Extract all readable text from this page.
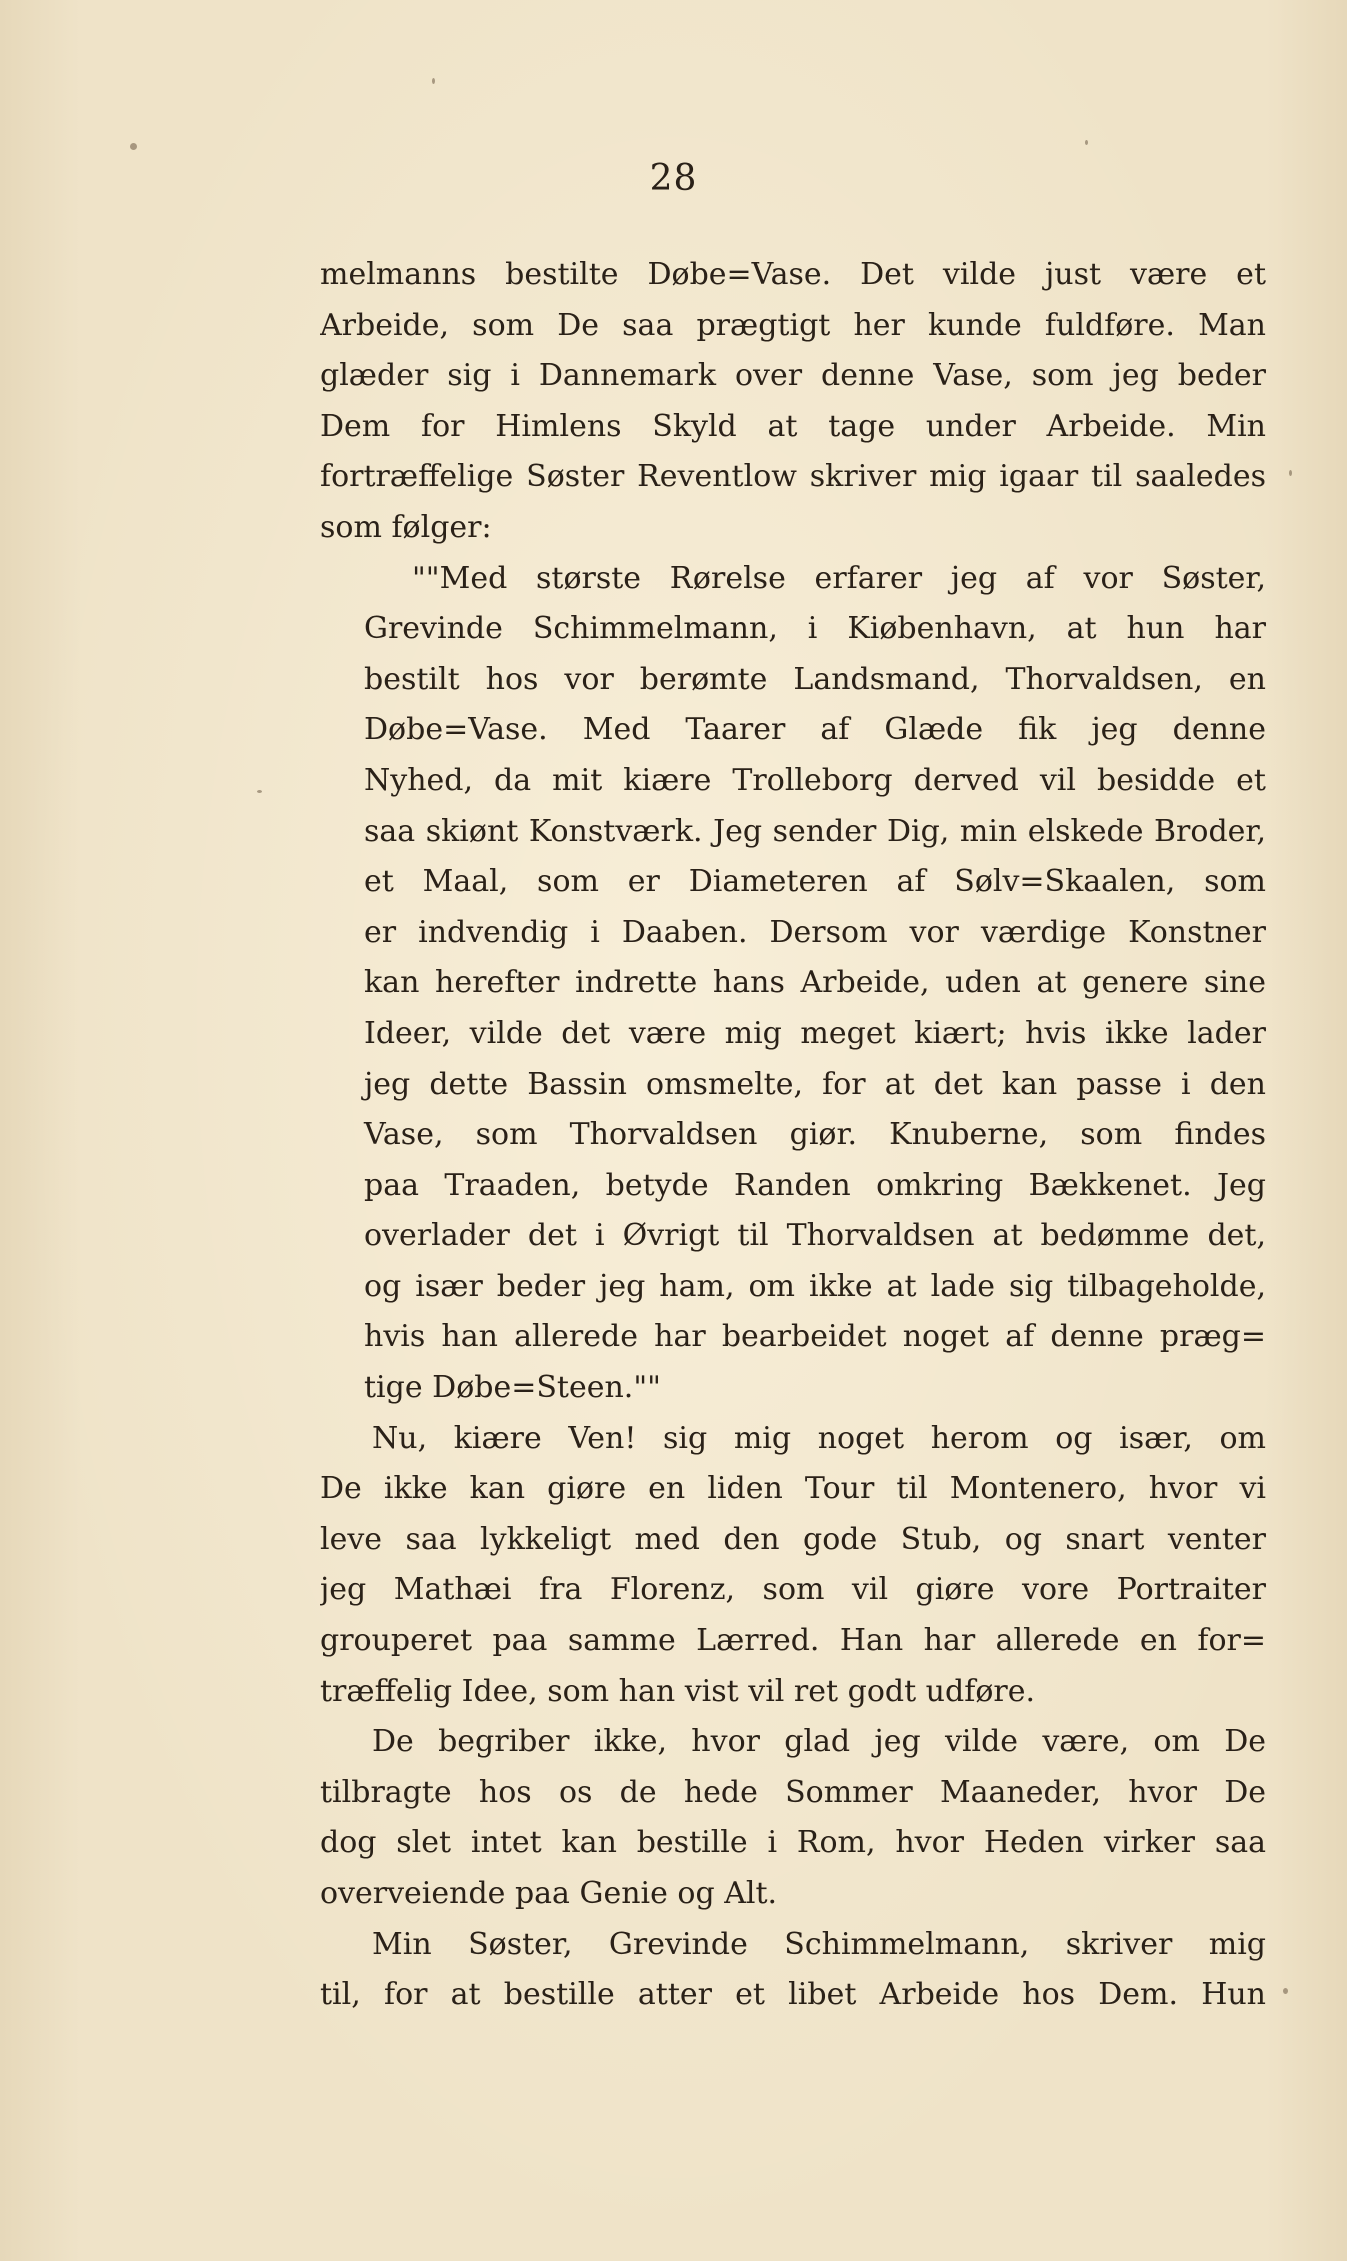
28
melmanns bestilte Døbe=Vase. Det vilde just være et
Arbeide, som De saa prægtigt her kunde fuldføre. Man
glæder sig i Dannemark over denne Vase, som jeg beder
Dem for Himlens Skyld at tage under Arbeide. Min
fortræffelige Søster Reventlow skriver mig igaar til saaledes
som følger:
""Med største Rørelse erfarer jeg af vor Søster,
Grevinde Schimmelmann, i Kiøbenhavn, at hun har
bestilt hos vor berømte Landsmand, Thorvaldsen, en
Døbe=Vase. Med Taarer af Glæde fik jeg denne
Nyhed, da mit kiære Trolleborg derved vil besidde et
saa skiønt Konstværk. Jeg sender Dig, min elskede Broder,
et Maal, som er Diameteren af Sølv=Skaalen, som
er indvendig i Daaben. Dersom vor værdige Konstner
kan herefter indrette hans Arbeide, uden at genere sine
Ideer, vilde det være mig meget kiært; hvis ikke lader
jeg dette Bassin omsmelte, for at det kan passe i den
Vase, som Thorvaldsen giør. Knuberne, som findes
paa Traaden, betyde Randen omkring Bækkenet. Jeg
overlader det i Øvrigt til Thorvaldsen at bedømme det,
og især beder jeg ham, om ikke at lade sig tilbageholde,
hvis han allerede har bearbeidet noget af denne præg=
tige Døbe=Steen.""
Nu, kiære Ven! sig mig noget herom og især, om
De ikke kan giøre en liden Tour til Montenero, hvor vi
leve saa lykkeligt med den gode Stub, og snart venter
jeg Mathæi fra Florenz, som vil giøre vore Portraiter
grouperet paa samme Lærred. Han har allerede en for=
træffelig Idee, som han vist vil ret godt udføre.
De begriber ikke, hvor glad jeg vilde være, om De
tilbragte hos os de hede Sommer Maaneder, hvor De
dog slet intet kan bestille i Rom, hvor Heden virker saa
overveiende paa Genie og Alt.
Min Søster, Grevinde Schimmelmann, skriver mig
til, for at bestille atter et libet Arbeide hos Dem. Hun
